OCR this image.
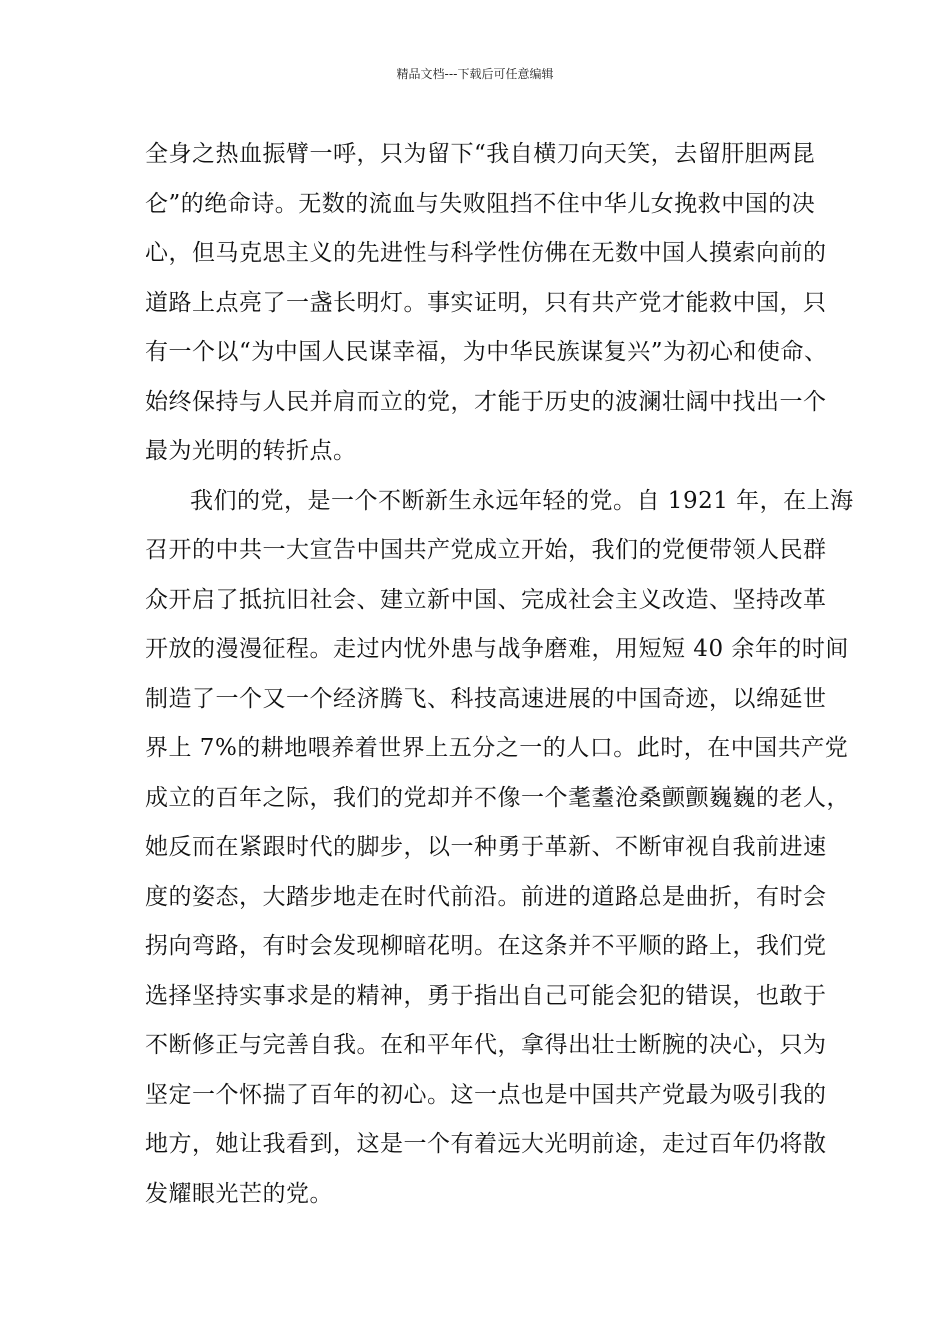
精品文档---下载后可任意编辑
全身之热血振臂一呼，只为留下“我自横刀向天笑，去留肝胆两昆
仑”的绝命诗。无数的流血与失败阻挡不住中华儿女挽救中国的决
心，但马克思主义的先进性与科学性仿佛在无数中国人摸索向前的
道路上点亮了一盏长明灯。事实证明，只有共产党才能救中国，只
有一个以“为中国人民谋幸福，为中华民族谋复兴”为初心和使命、
始终保持与人民并肩而立的党，才能于历史的波澜壮阔中找出一个
最为光明的转折点。
我们的党，是一个不断新生永远年轻的党。自 1921 年，在上海
召开的中共一大宣告中国共产党成立开始，我们的党便带领人民群
众开启了抵抗旧社会、建立新中国、完成社会主义改造、坚持改革
开放的漫漫征程。走过内忧外患与战争磨难，用短短 40 余年的时间
制造了一个又一个经济腾飞、科技高速进展的中国奇迹，以绵延世
界上 7%的耕地喂养着世界上五分之一的人口。此时，在中国共产党
成立的百年之际，我们的党却并不像一个耄耋沧桑颤颤巍巍的老人，
她反而在紧跟时代的脚步，以一种勇于革新、不断审视自我前进速
度的姿态，大踏步地走在时代前沿。前进的道路总是曲折，有时会
拐向弯路，有时会发现柳暗花明。在这条并不平顺的路上，我们党
选择坚持实事求是的精神，勇于指出自己可能会犯的错误，也敢于
不断修正与完善自我。在和平年代，拿得出壮士断腕的决心，只为
坚定一个怀揣了百年的初心。这一点也是中国共产党最为吸引我的
地方，她让我看到，这是一个有着远大光明前途，走过百年仍将散
发耀眼光芒的党。
